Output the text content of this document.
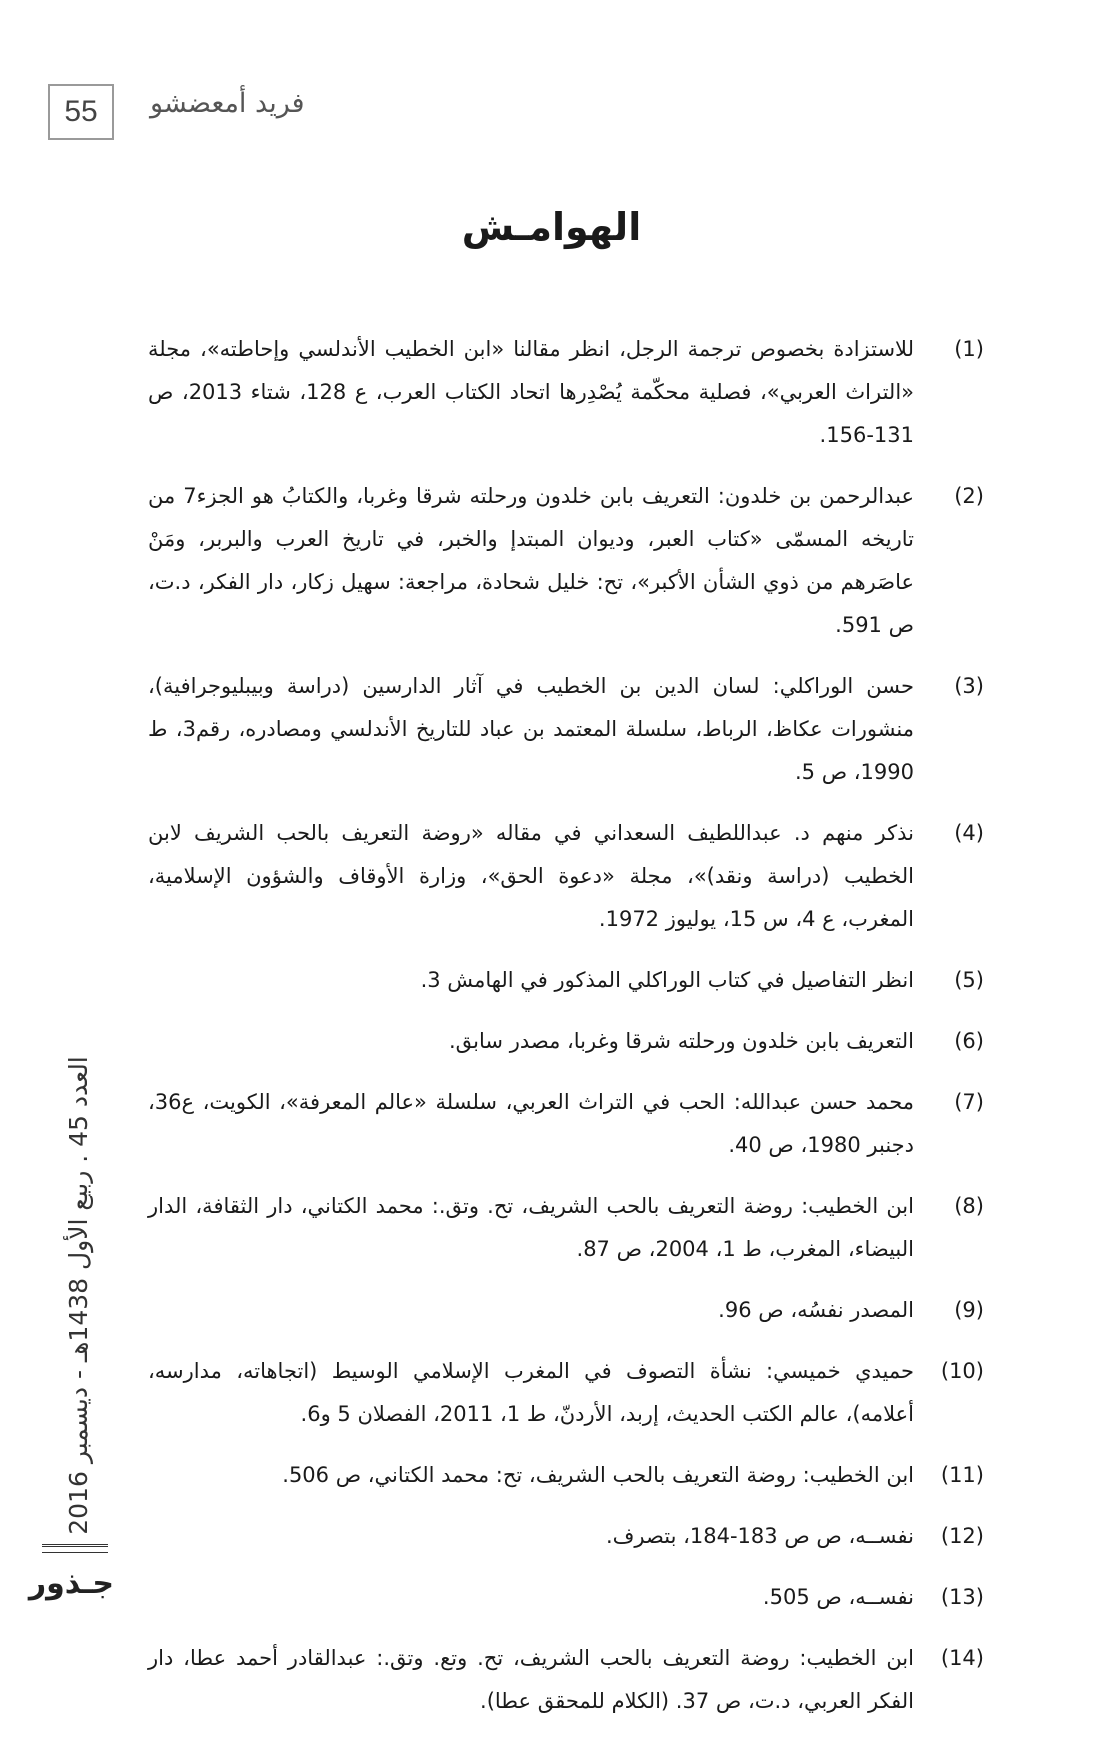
55	فريد أمعضشو
الهوامـش
(1)
للاستزادة بخصوص ترجمة الرجل، انظر مقالنا «ابن الخطيب الأندلسي وإحاطته»، مجلة «التراث العربي»، فصلية محكّمة يُصْدِرها اتحاد الكتاب العرب، ع 128، شتاء 2013، ص 131-156.
(2)
عبدالرحمن بن خلدون: التعريف بابن خلدون ورحلته شرقا وغربا، والكتابُ هو الجزء7 من تاريخه المسمّى «كتاب العبر، وديوان المبتدإ والخبر، في تاريخ العرب والبربر، ومَنْ عاصَرهم من ذوي الشأن الأكبر»، تح: خليل شحادة، مراجعة: سهيل زكار، دار الفكر، د.ت، ص 591.
(3)
حسن الوراكلي: لسان الدين بن الخطيب في آثار الدارسين (دراسة وبيبليوجرافية)، منشورات عكاظ، الرباط، سلسلة المعتمد بن عباد للتاريخ الأندلسي ومصادره، رقم3، ط 1990، ص 5.
(4)
نذكر منهم د. عبداللطيف السعداني في مقاله «روضة التعريف بالحب الشريف لابن الخطيب (دراسة ونقد)»، مجلة «دعوة الحق»، وزارة الأوقاف والشؤون الإسلامية، المغرب، ع 4، س 15، يوليوز 1972.
(5)
انظر التفاصيل في كتاب الوراكلي المذكور في الهامش 3.
(6)
التعريف بابن خلدون ورحلته شرقا وغربا، مصدر سابق.
(7)
محمد حسن عبدالله: الحب في التراث العربي، سلسلة «عالم المعرفة»، الكويت، ع36، دجنبر 1980، ص 40.
(8)
ابن الخطيب: روضة التعريف بالحب الشريف، تح. وتق.: محمد الكتاني، دار الثقافة، الدار البيضاء، المغرب، ط 1، 2004، ص 87.
(9)
المصدر نفسُه، ص 96.
(10)
حميدي خميسي: نشأة التصوف في المغرب الإسلامي الوسيط (اتجاهاته، مدارسه، أعلامه)، عالم الكتب الحديث، إربد، الأردنّ، ط 1، 2011، الفصلان 5 و6.
(11)
ابن الخطيب: روضة التعريف بالحب الشريف، تح: محمد الكتاني، ص 506.
(12)
نفســه، ص ص 183-184، بتصرف.
(13)
نفســه، ص 505.
(14)
ابن الخطيب: روضة التعريف بالحب الشريف، تح. وتع. وتق.: عبدالقادر أحمد عطا، دار الفكر العربي، د.ت، ص 37. (الكلام للمحقق عطا).
العدد 45 . ربيع الأول 1438هـ - ديسمبر 2016
جـذور
